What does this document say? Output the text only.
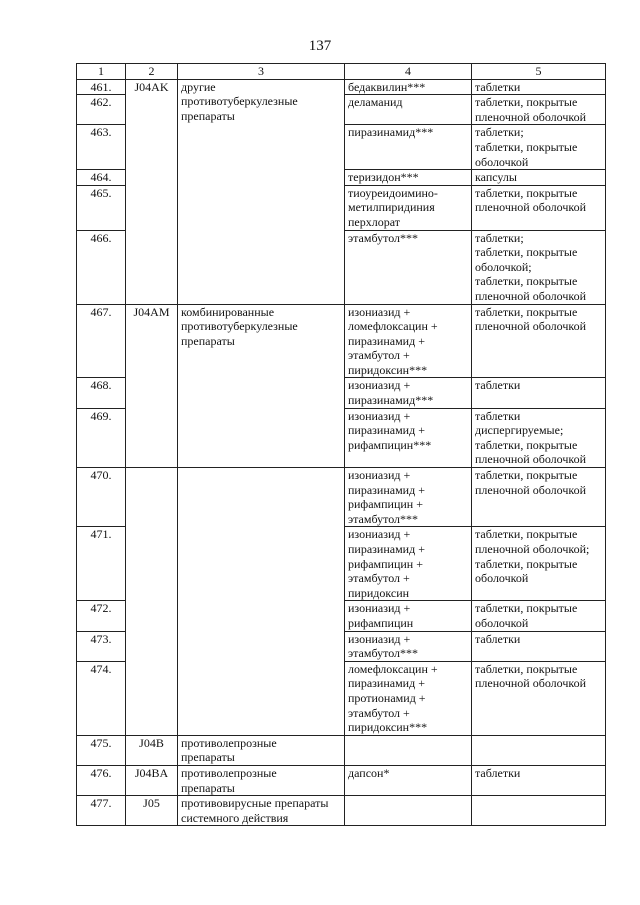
137
1	2	3	4	5
461.	J04AK	другие
противотуберкулезные
препараты	бедаквилин***	таблетки
462.			деламанид	таблетки, покрытые
пленочной оболочкой
463.			пиразинамид***	таблетки;
таблетки, покрытые
оболочкой
464.			теризидон***	капсулы
465.			тиоуреидоимино-
метилпиридиния
перхлорат	таблетки, покрытые
пленочной оболочкой
466.			этамбутол***	таблетки;
таблетки, покрытые
оболочкой;
таблетки, покрытые
пленочной оболочкой
467.	J04AM	комбинированные
противотуберкулезные
препараты	изониазид +
ломефлоксацин +
пиразинамид +
этамбутол +
пиридоксин***	таблетки, покрытые
пленочной оболочкой
468.			изониазид +
пиразинамид***	таблетки
469.			изониазид +
пиразинамид +
рифампицин***	таблетки
диспергируемые;
таблетки, покрытые
пленочной оболочкой
470.			изониазид +
пиразинамид +
рифампицин +
этамбутол***	таблетки, покрытые
пленочной оболочкой
471.			изониазид +
пиразинамид +
рифампицин +
этамбутол +
пиридоксин	таблетки, покрытые
пленочной оболочкой;
таблетки, покрытые
оболочкой
472.			изониазид +
рифампицин	таблетки, покрытые
оболочкой
473.			изониазид +
этамбутол***	таблетки
474.			ломефлоксацин +
пиразинамид +
протионамид +
этамбутол +
пиридоксин***	таблетки, покрытые
пленочной оболочкой
475.	J04B	противолепрозные
препараты		
476.	J04BA	противолепрозные
препараты	дапсон*	таблетки
477.	J05	противовирусные препараты
системного действия		
